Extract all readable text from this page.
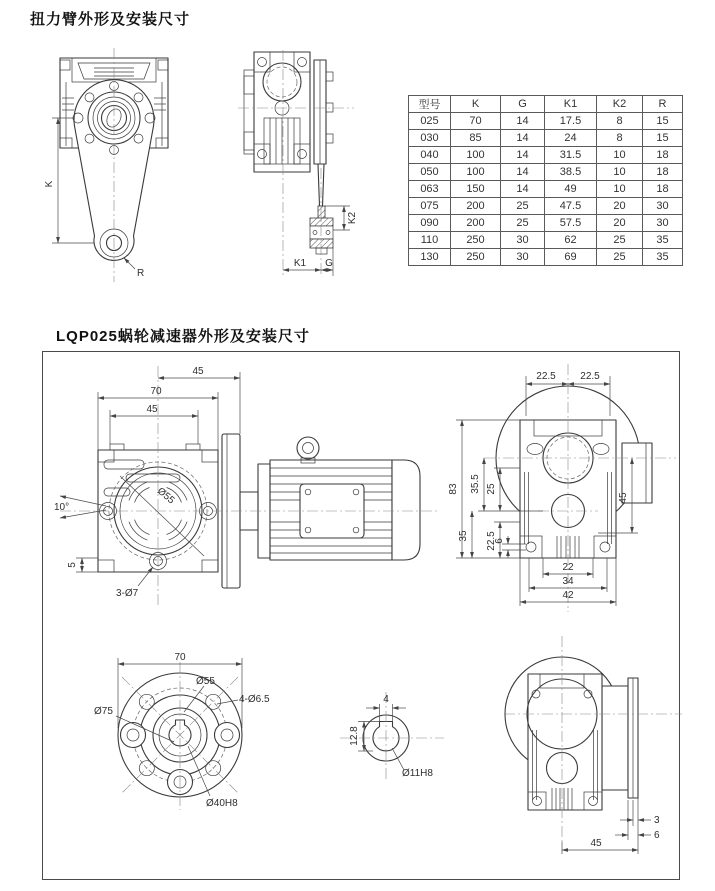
扭力臂外形及安装尺寸
K
R
K2
K1 G
型号	K	G	K1	K2	R
025	70	14	17.5	8	15
030	85	14	24	8	15
040	100	14	31.5	10	18
050	100	14	38.5	10	18
063	150	14	49	10	18
075	200	25	47.5	20	30
090	200	25	57.5	20	30
110	250	30	62	25	35
130	250	30	69	25	35
LQP025蜗轮减速器外形及安装尺寸
45
70
45
10°
Ø55
5
3-Ø7
22.5 22.5
83 35.5 25
35 22.5
6
45
22
34
42
70
Ø75
Ø55
4-Ø6.5
Ø40H8
4
12.8
Ø11H8
3
6
45
